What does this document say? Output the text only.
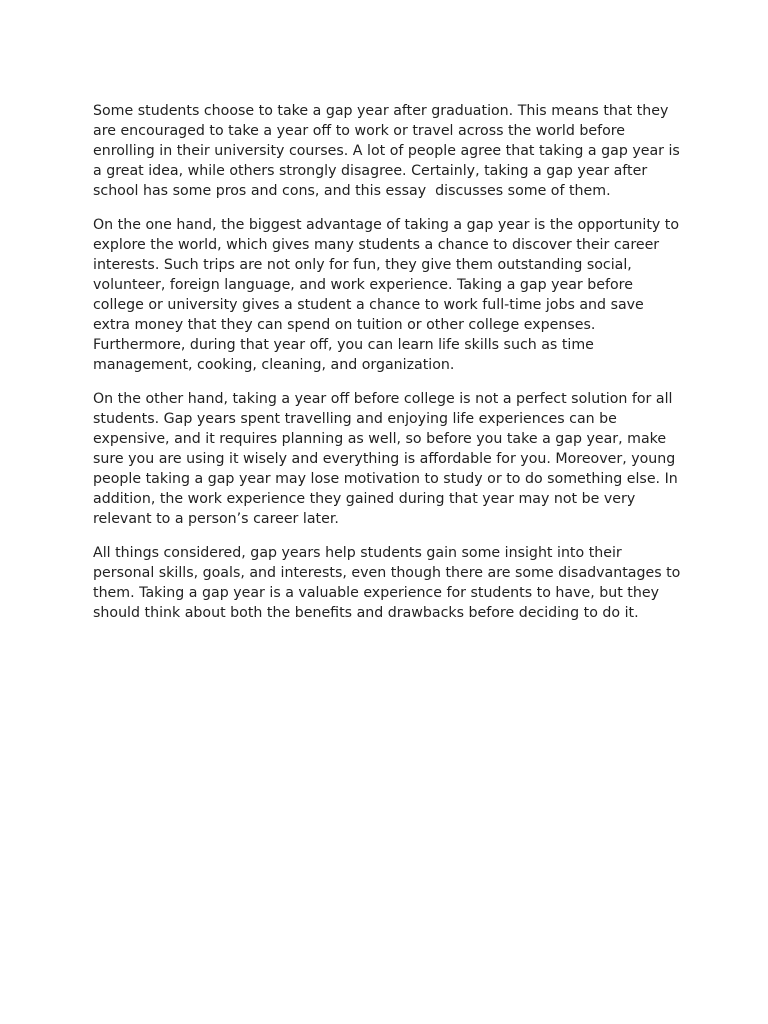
Some students choose to take a gap year after graduation. This means that they are encouraged to take a year off to work or travel across the world before enrolling in their university courses. A lot of people agree that taking a gap year is a great idea, while others strongly disagree. Certainly, taking a gap year after school has some pros and cons, and this essay  discusses some of them.

On the one hand, the biggest advantage of taking a gap year is the opportunity to explore the world, which gives many students a chance to discover their career interests. Such trips are not only for fun, they give them outstanding social, volunteer, foreign language, and work experience. Taking a gap year before college or university gives a student a chance to work full-time jobs and save extra money that they can spend on tuition or other college expenses. Furthermore, during that year off, you can learn life skills such as time management, cooking, cleaning, and organization.

On the other hand, taking a year off before college is not a perfect solution for all students. Gap years spent travelling and enjoying life experiences can be expensive, and it requires planning as well, so before you take a gap year, make sure you are using it wisely and everything is affordable for you. Moreover, young people taking a gap year may lose motivation to study or to do something else. In addition, the work experience they gained during that year may not be very relevant to a person’s career later.

All things considered, gap years help students gain some insight into their personal skills, goals, and interests, even though there are some disadvantages to them. Taking a gap year is a valuable experience for students to have, but they should think about both the benefits and drawbacks before deciding to do it.
